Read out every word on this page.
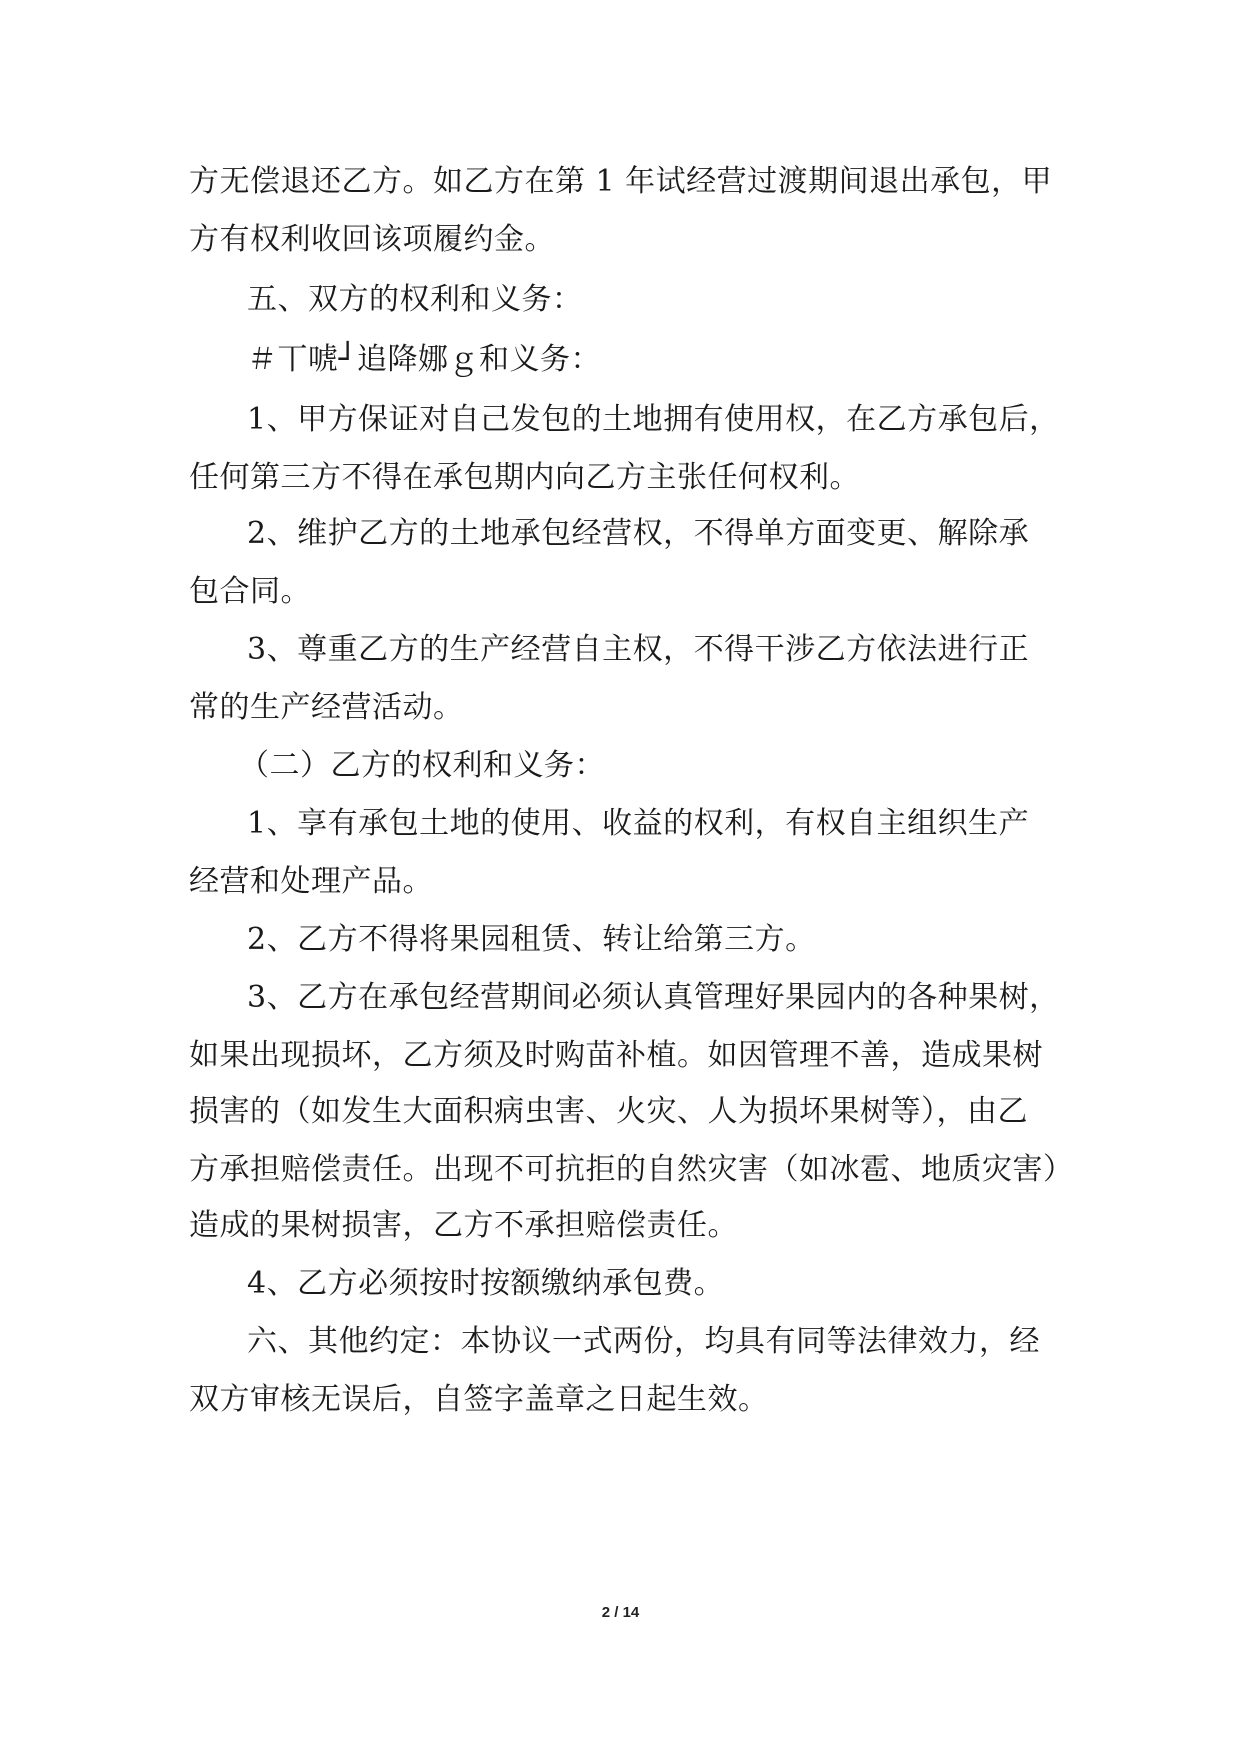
方无偿退还乙方。如乙方在第 1 年试经营过渡期间退出承包，甲
方有权利收回该项履约金。
五、双方的权利和义务：
＃丅唬┘追降娜ｇ和义务：
1、甲方保证对自己发包的土地拥有使用权，在乙方承包后，
任何第三方不得在承包期内向乙方主张任何权利。
2、维护乙方的土地承包经营权，不得单方面变更、解除承
包合同。
3、尊重乙方的生产经营自主权，不得干涉乙方依法进行正
常的生产经营活动。
（二）乙方的权利和义务：
1、享有承包土地的使用、收益的权利，有权自主组织生产
经营和处理产品。
2、乙方不得将果园租赁、转让给第三方。
3、乙方在承包经营期间必须认真管理好果园内的各种果树，
如果出现损坏，乙方须及时购苗补植。如因管理不善，造成果树
损害的（如发生大面积病虫害、火灾、人为损坏果树等），由乙
方承担赔偿责任。出现不可抗拒的自然灾害（如冰雹、地质灾害）
造成的果树损害，乙方不承担赔偿责任。
4、乙方必须按时按额缴纳承包费。
六、其他约定：本协议一式两份，均具有同等法律效力，经
双方审核无误后，自签字盖章之日起生效。
2 / 14
